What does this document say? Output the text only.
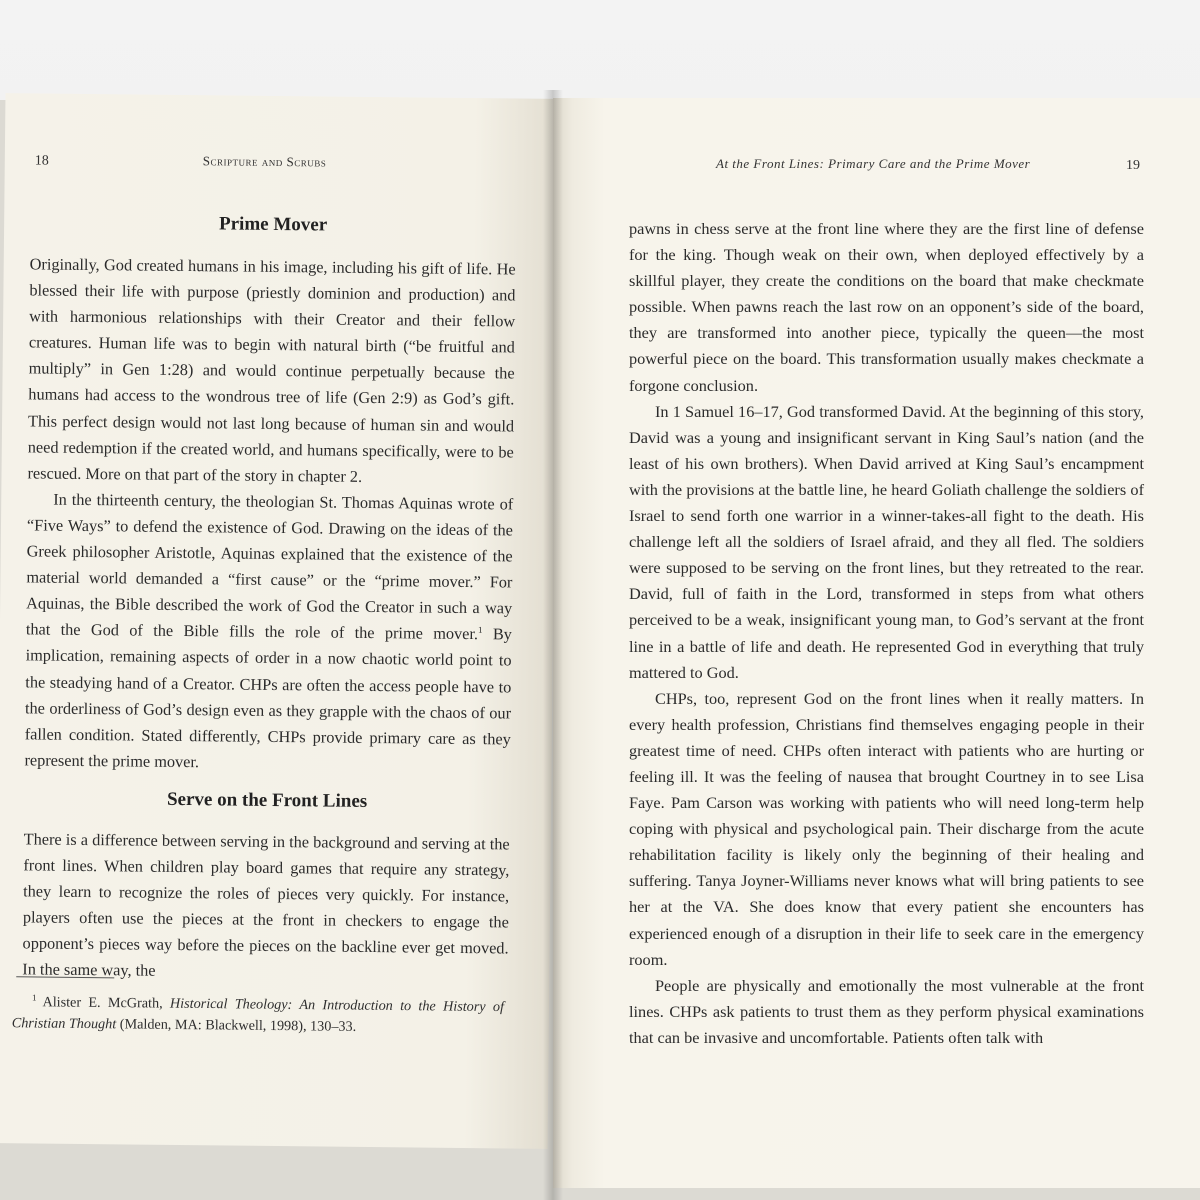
18	Scripture and Scrubs
Prime Mover

Originally, God created humans in his image, including his gift of life. He blessed their life with purpose (priestly dominion and production) and with harmonious relationships with their Creator and their fellow creatures. Human life was to begin with natural birth (“be fruitful and multiply” in Gen 1:28) and would continue perpetually because the humans had access to the wondrous tree of life (Gen 2:9) as God’s gift. This perfect design would not last long because of human sin and would need redemption if the created world, and humans specifically, were to be rescued. More on that part of the story in chapter 2.

In the thirteenth century, the theologian St. Thomas Aquinas wrote of “Five Ways” to defend the existence of God. Drawing on the ideas of the Greek philosopher Aristotle, Aquinas explained that the existence of the material world demanded a “first cause” or the “prime mover.” For Aquinas, the Bible described the work of God the Creator in such a way that the God of the Bible fills the role of the prime mover.$^1$ By implication, remaining aspects of order in a now chaotic world point to the steadying hand of a Creator. CHPs are often the access people have to the orderliness of God’s design even as they grapple with the chaos of our fallen condition. Stated differently, CHPs provide primary care as they represent the prime mover.

Serve on the Front Lines

There is a difference between serving in the background and serving at the front lines. When children play board games that require any strategy, they learn to recognize the roles of pieces very quickly. For instance, players often use the pieces at the front in checkers to engage the opponent’s pieces way before the pieces on the backline ever get moved. In the same way, the

$^1$ Alister E. McGrath, Historical Theology: An Introduction to the History of Christian Thought (Malden, MA: Blackwell, 1998), 130–33.
At the Front Lines: Primary Care and the Prime Mover	19

pawns in chess serve at the front line where they are the first line of defense for the king. Though weak on their own, when deployed effectively by a skillful player, they create the conditions on the board that make checkmate possible. When pawns reach the last row on an opponent’s side of the board, they are transformed into another piece, typically the queen—the most powerful piece on the board. This transformation usually makes checkmate a forgone conclusion.

In 1 Samuel 16–17, God transformed David. At the beginning of this story, David was a young and insignificant servant in King Saul’s nation (and the least of his own brothers). When David arrived at King Saul’s encampment with the provisions at the battle line, he heard Goliath challenge the soldiers of Israel to send forth one warrior in a winner-takes-all fight to the death. His challenge left all the soldiers of Israel afraid, and they all fled. The soldiers were supposed to be serving on the front lines, but they retreated to the rear. David, full of faith in the Lord, transformed in steps from what others perceived to be a weak, insignificant young man, to God’s servant at the front line in a battle of life and death. He represented God in everything that truly mattered to God.

CHPs, too, represent God on the front lines when it really matters. In every health profession, Christians find themselves engaging people in their greatest time of need. CHPs often interact with patients who are hurting or feeling ill. It was the feeling of nausea that brought Courtney in to see Lisa Faye. Pam Carson was working with patients who will need long-term help coping with physical and psychological pain. Their discharge from the acute rehabilitation facility is likely only the beginning of their healing and suffering. Tanya Joyner-Williams never knows what will bring patients to see her at the VA. She does know that every patient she encounters has experienced enough of a disruption in their life to seek care in the emergency room.

People are physically and emotionally the most vulnerable at the front lines. CHPs ask patients to trust them as they perform physical examinations that can be invasive and uncomfortable. Patients often talk with
